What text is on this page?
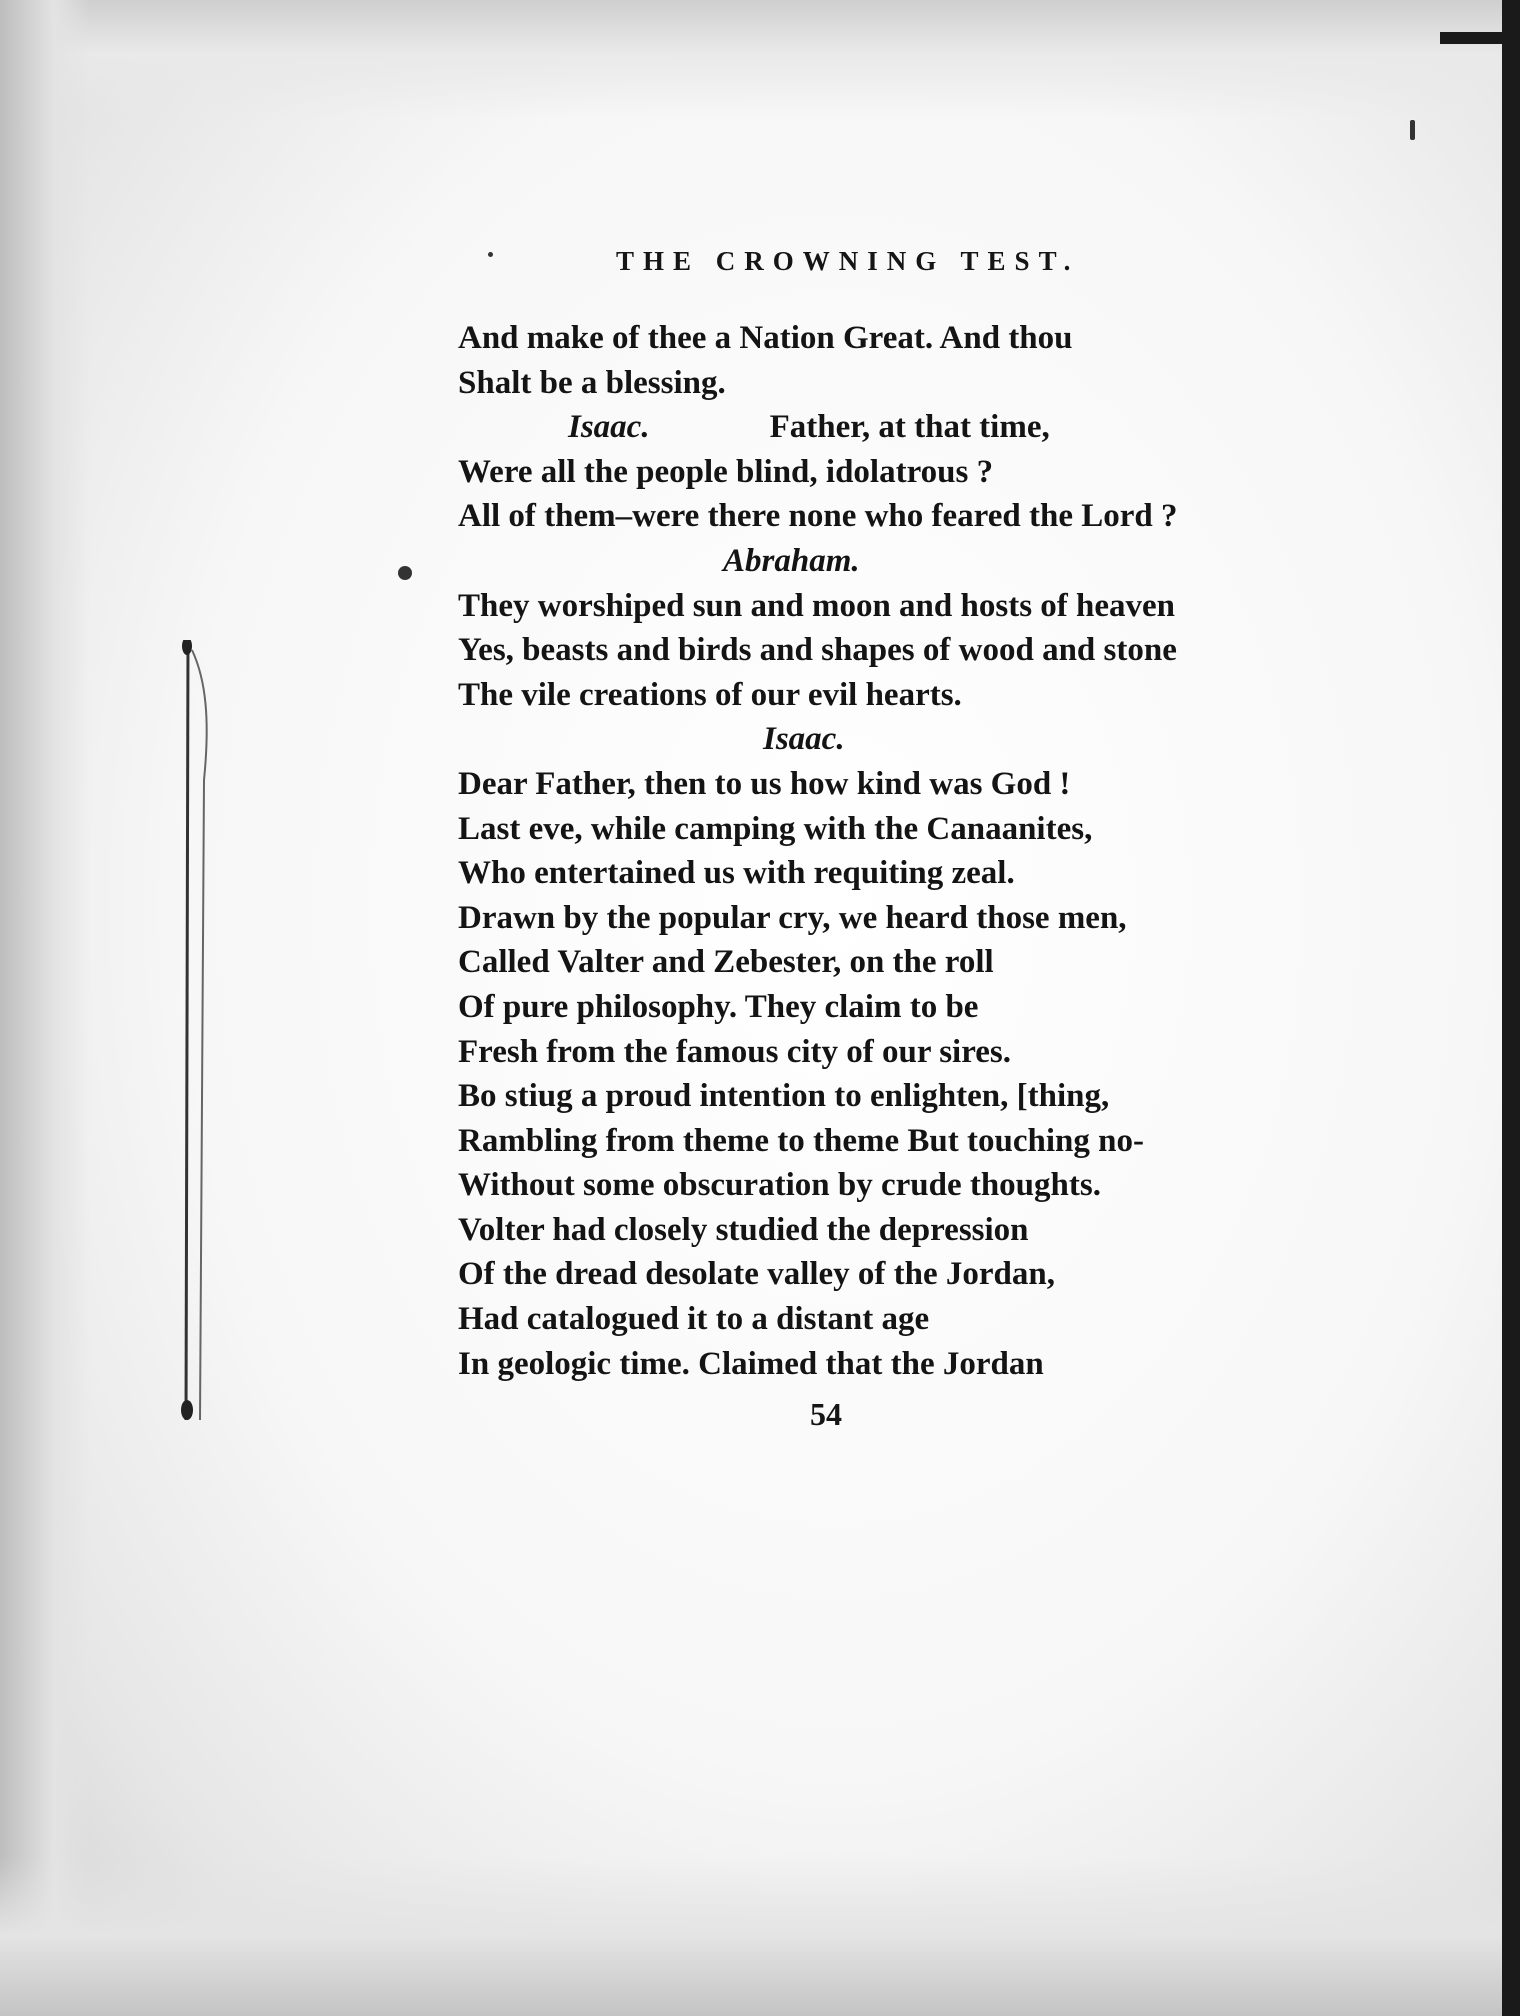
THE CROWNING TEST.
And make of thee a Nation Great. And thou
Shalt be a blessing.
Isaac.	Father, at that time,
Were all the people blind, idolatrous ?
All of them–were there none who feared the Lord ?
Abraham.
They worshiped sun and moon and hosts of heaven
Yes, beasts and birds and shapes of wood and stone
The vile creations of our evil hearts.
Isaac.
Dear Father, then to us how kind was God !
Last eve, while camping with the Canaanites,
Who entertained us with requiting zeal.
Drawn by the popular cry, we heard those men,
Called Valter and Zebester, on the roll
Of pure philosophy. They claim to be
Fresh from the famous city of our sires.
Bo stiug a proud intention to enlighten, [thing,
Rambling from theme to theme But touching no-
Without some obscuration by crude thoughts.
Volter had closely studied the depression
Of the dread desolate valley of the Jordan,
Had catalogued it to a distant age
In geologic time. Claimed that the Jordan
54
